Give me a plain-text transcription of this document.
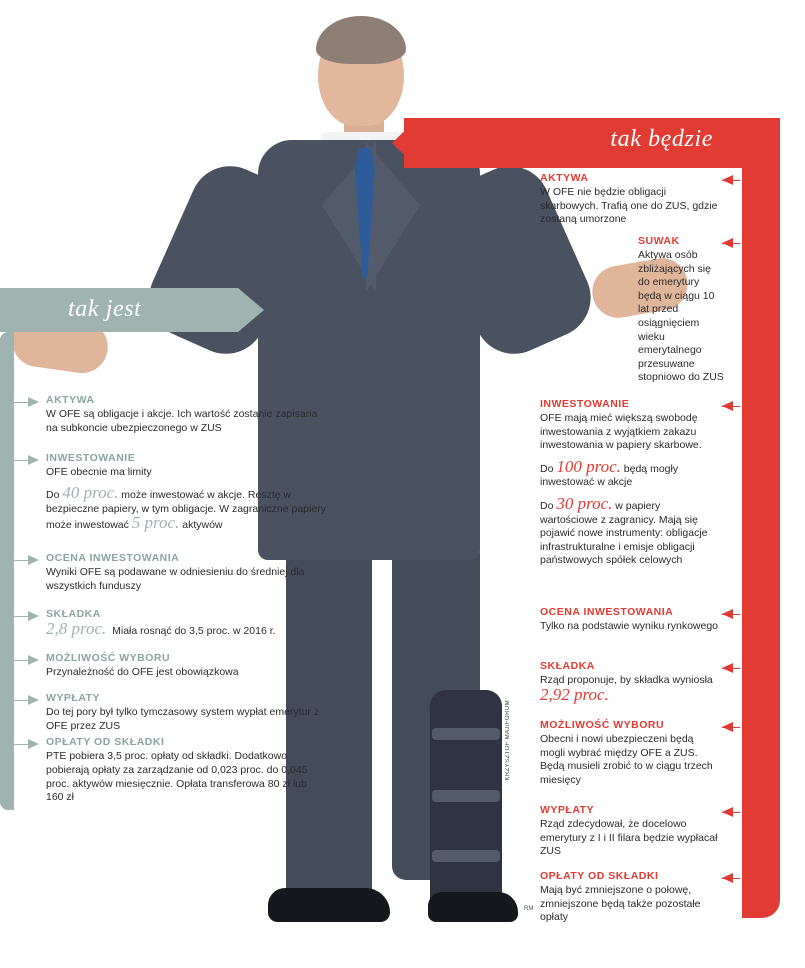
KRZYSZTOF MAJ/FORUM
RM
tak będzie
AKTYWA
W OFE nie będzie obligacji skarbowych. Trafią one do ZUS, gdzie zostaną umorzone
SUWAK
Aktywa osób zbliżających się do emerytury będą w ciągu 10 lat przed osiągnięciem wieku emerytalnego przesuwane stopniowo do ZUS
INWESTOWANIE
OFE mają mieć większą swobodę inwestowania z wyjątkiem zakazu inwestowania w papiery skarbowe.
Do 100 proc. będą mogły inwestować w akcje
Do 30 proc. w papiery wartościowe z zagranicy. Mają się pojawić nowe instrumenty: obligacje infrastrukturalne i emisje obligacji państwowych spółek celowych
OCENA INWESTOWANIA
Tylko na podstawie wyniku rynkowego
SKŁADKA
Rząd proponuje, by składka wyniosła 2,92 proc.
MOŻLIWOŚĆ WYBORU
Obecni i nowi ubezpieczeni będą mogli wybrać między OFE a ZUS. Będą musieli zrobić to w ciągu trzech miesięcy
WYPŁATY
Rząd zdecydował, że docelowo emerytury z I i II filara będzie wypłacał ZUS
OPŁATY OD SKŁADKI
Mają być zmniejszone o połowę, zmniejszone będą także pozostałe opłaty
tak jest
AKTYWA
W OFE są obligacje i akcje. Ich wartość zostanie zapisana na subkoncie ubezpieczonego w ZUS
INWESTOWANIE
OFE obecnie ma limity
Do 40 proc. może inwestować w akcje. Resztę w bezpieczne papiery, w tym obligacje. W zagraniczne papiery może inwestować 5 proc. aktywów
OCENA INWESTOWANIA
Wyniki OFE są podawane w odniesieniu do średniej dla wszystkich funduszy
SKŁADKA
2,8 proc. Miała rosnąć do 3,5 proc. w 2016 r.
MOŻLIWOŚĆ WYBORU
Przynależność do OFE jest obowiązkowa
WYPŁATY
Do tej pory był tylko tymczasowy system wypłat emerytur z OFE przez ZUS
OPŁATY OD SKŁADKI
PTE pobiera 3,5 proc. opłaty od składki. Dodatkowo pobierają opłaty za zarządzanie od 0,023 proc. do 0,045 proc. aktywów miesięcznie. Opłata transferowa 80 zł lub 160 zł
